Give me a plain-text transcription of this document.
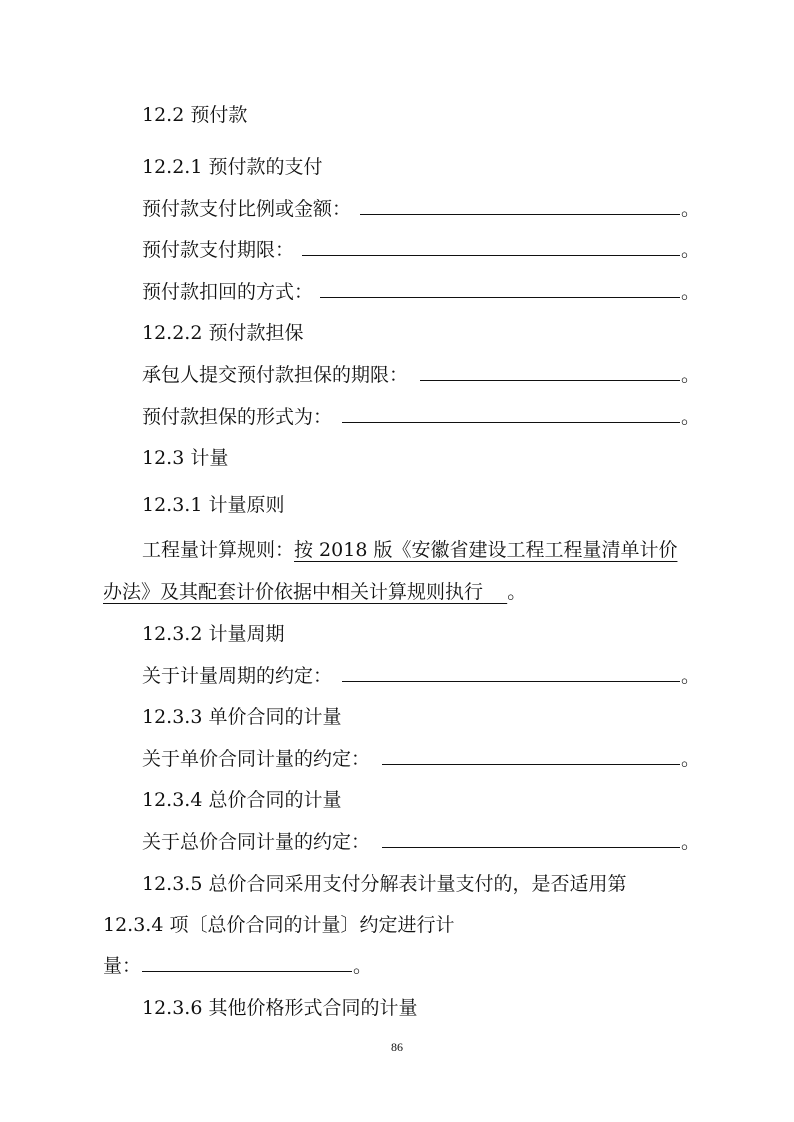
12.2 预付款
12.2.1 预付款的支付
预付款支付比例或金额：	。
预付款支付期限：	。
预付款扣回的方式：	。
12.2.2 预付款担保
承包人提交预付款担保的期限：	。
预付款担保的形式为：	。
12.3 计量
12.3.1 计量原则
工程量计算规则：按 2018 版《安徽省建设工程工程量清单计价
办法》及其配套计价依据中相关计算规则执行 。
12.3.2 计量周期
关于计量周期的约定：	。
12.3.3 单价合同的计量
关于单价合同计量的约定：	。
12.3.4 总价合同的计量
关于总价合同计量的约定：	。
12.3.5 总价合同采用支付分解表计量支付的，是否适用第
12.3.4 项〔总价合同的计量〕约定进行计
量：	。
12.3.6 其他价格形式合同的计量
86
